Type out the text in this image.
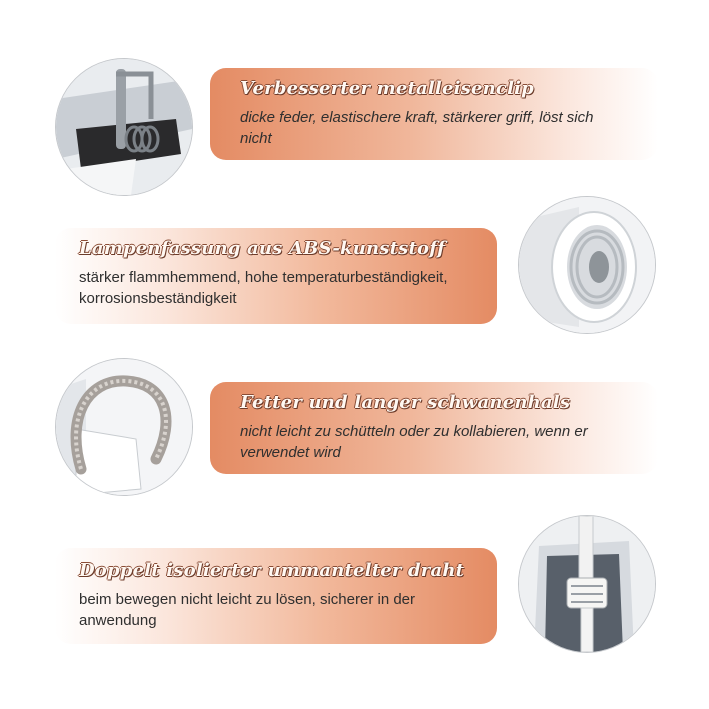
Verbesserter metalleisenclip
dicke feder, elastischere kraft, stärkerer griff, löst sich nicht
Lampenfassung aus ABS-kunststoff
stärker flammhemmend, hohe temperaturbeständigkeit, korrosionsbeständigkeit
Fetter und langer schwanenhals
nicht leicht zu schütteln oder zu kollabieren, wenn er verwendet wird
Doppelt isolierter ummantelter draht
beim bewegen nicht leicht zu lösen, sicherer in der anwendung
